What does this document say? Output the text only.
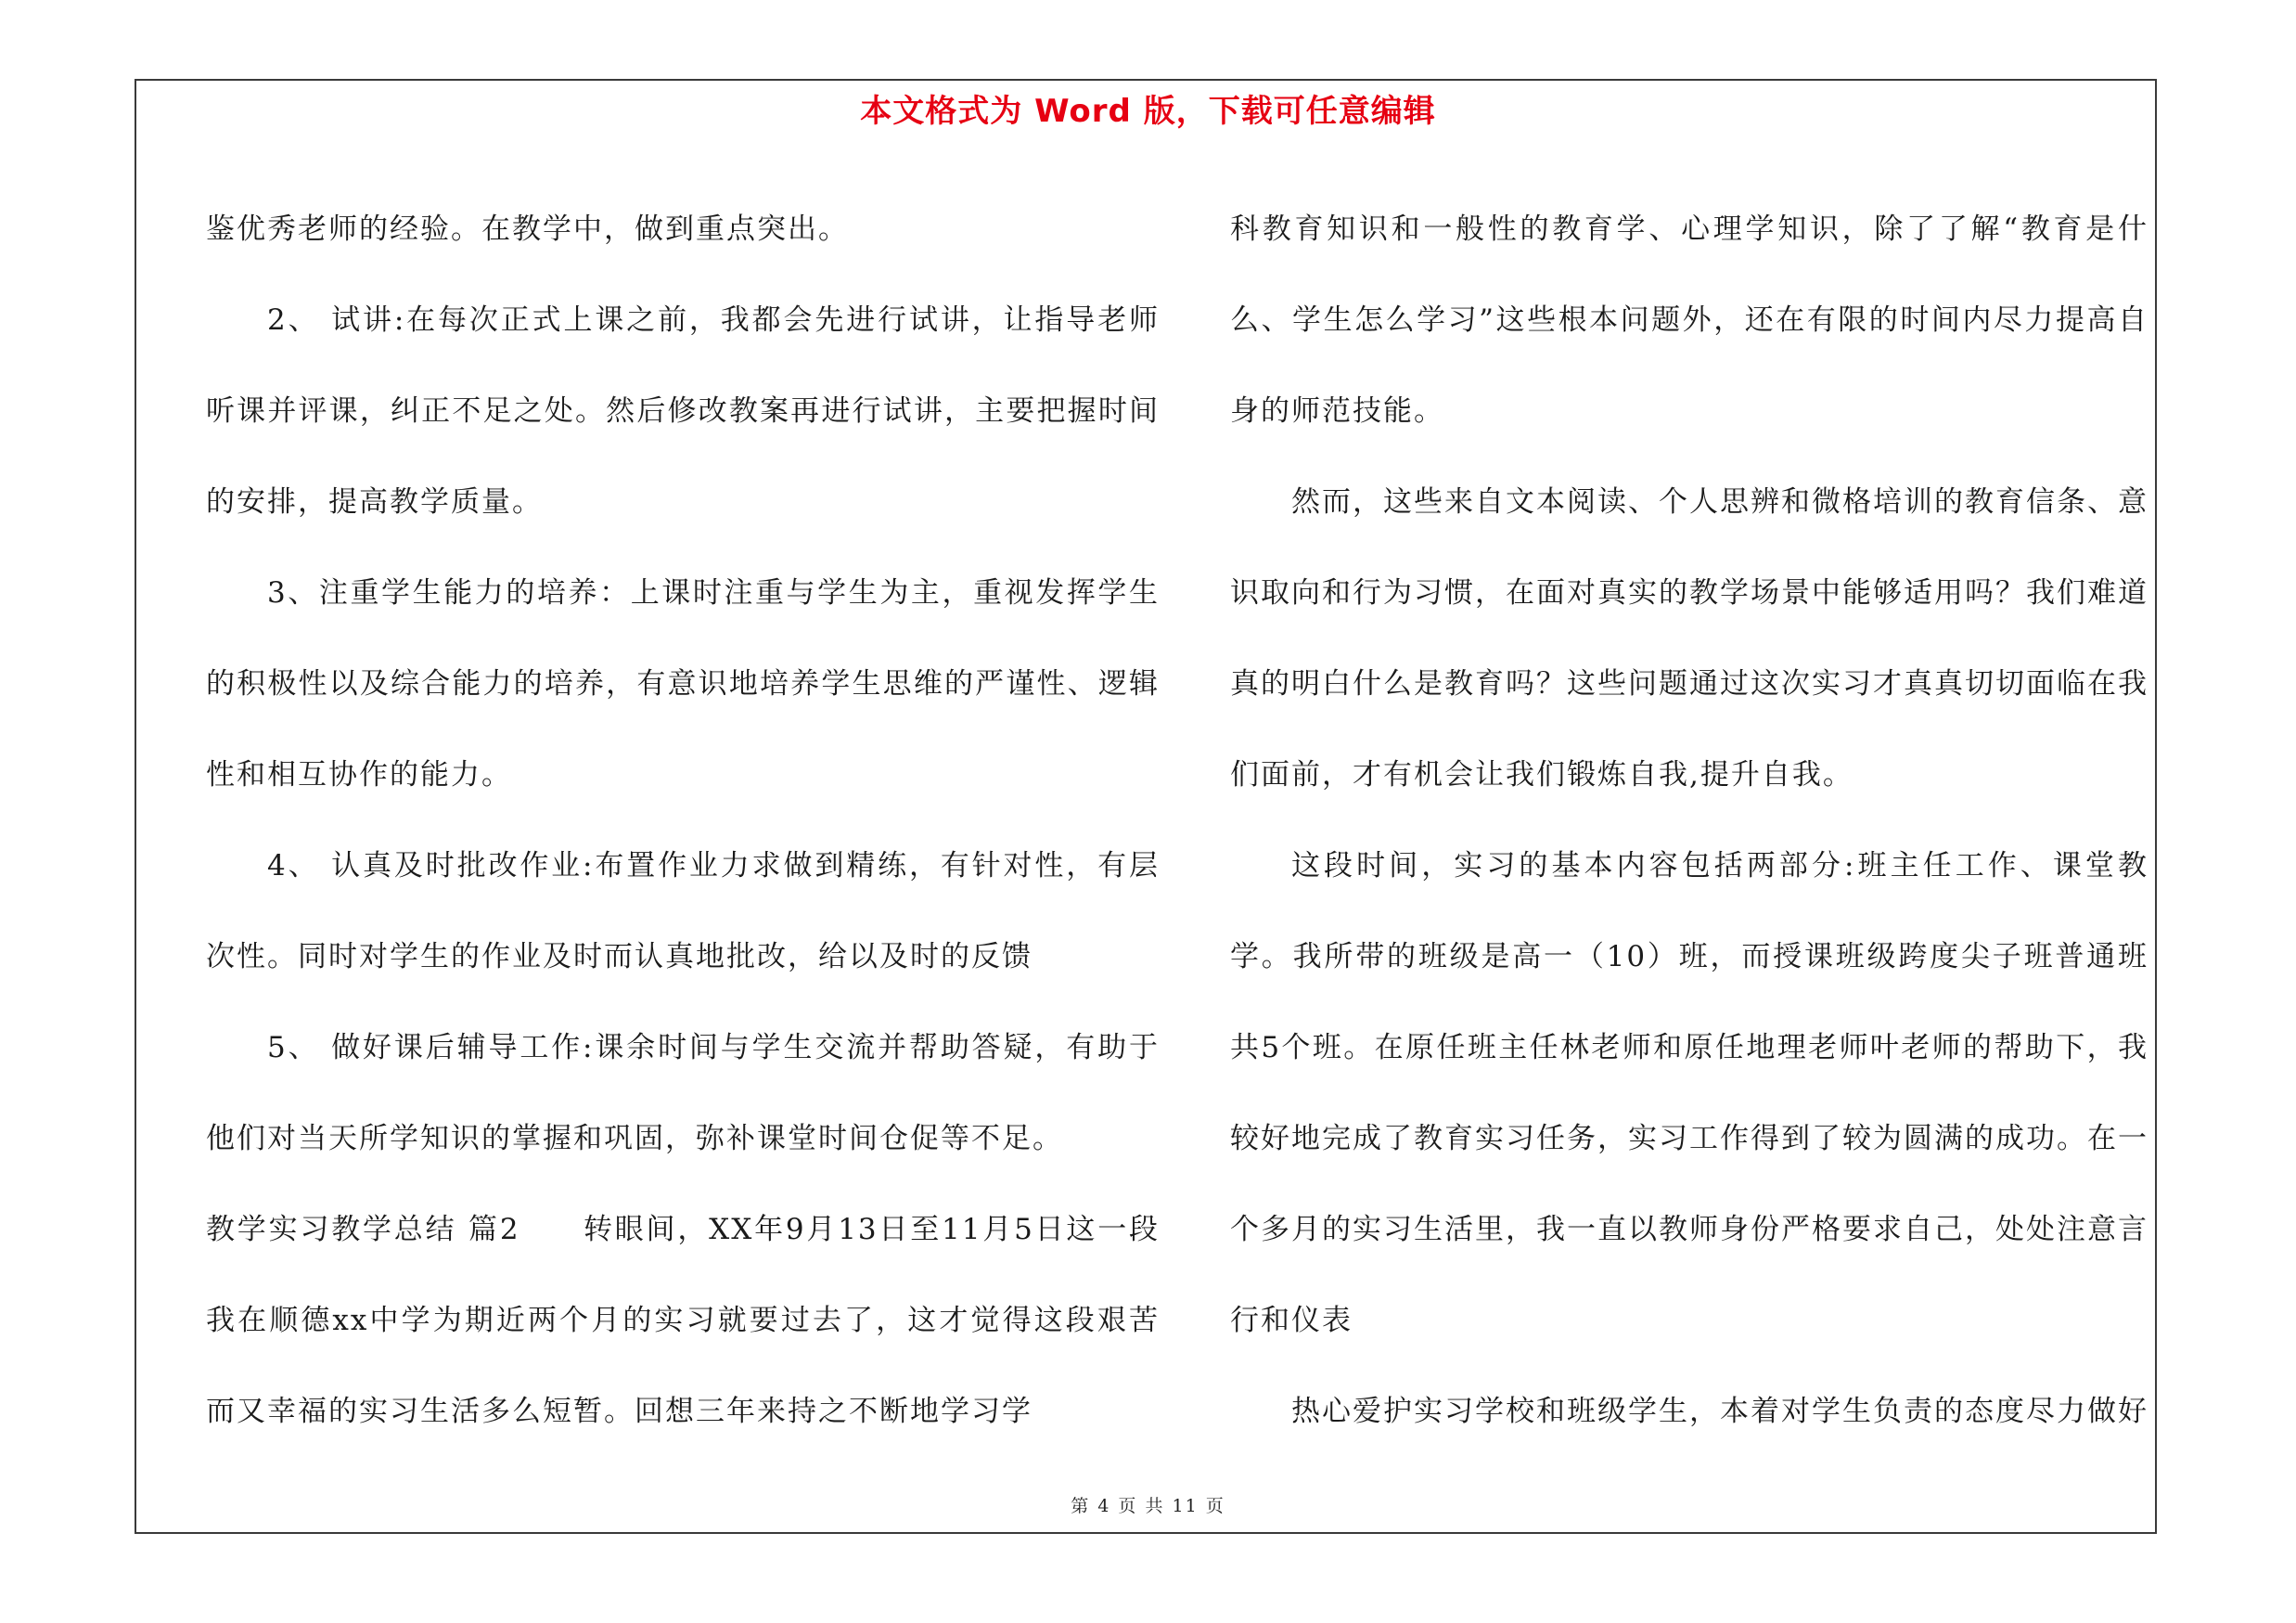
本文格式为 Word 版，下载可任意编辑

鉴优秀老师的经验。在教学中，做到重点突出。

2、 试讲:在每次正式上课之前，我都会先进行试讲，让指导老师听课并评课，纠正不足之处。然后修改教案再进行试讲，主要把握时间的安排，提高教学质量。

3、注重学生能力的培养：上课时注重与学生为主，重视发挥学生的积极性以及综合能力的培养，有意识地培养学生思维的严谨性、逻辑性和相互协作的能力。

4、 认真及时批改作业:布置作业力求做到精练，有针对性，有层次性。同时对学生的作业及时而认真地批改，给以及时的反馈

5、 做好课后辅导工作:课余时间与学生交流并帮助答疑，有助于他们对当天所学知识的掌握和巩固，弥补课堂时间仓促等不足。

教学实习教学总结 篇2　　转眼间，XX年9月13日至11月5日这一段我在顺德xx中学为期近两个月的实习就要过去了，这才觉得这段艰苦而又幸福的实习生活多么短暂。回想三年来持之不断地学习学

科教育知识和一般性的教育学、心理学知识，除了了解“教育是什么、学生怎么学习”这些根本问题外，还在有限的时间内尽力提高自身的师范技能。

然而，这些来自文本阅读、个人思辨和微格培训的教育信条、意识取向和行为习惯，在面对真实的教学场景中能够适用吗？我们难道真的明白什么是教育吗？这些问题通过这次实习才真真切切面临在我们面前，才有机会让我们锻炼自我,提升自我。

这段时间，实习的基本内容包括两部分:班主任工作、课堂教学。我所带的班级是高一（10）班，而授课班级跨度尖子班普通班共5个班。在原任班主任林老师和原任地理老师叶老师的帮助下，我较好地完成了教育实习任务，实习工作得到了较为圆满的成功。在一个多月的实习生活里，我一直以教师身份严格要求自己，处处注意言行和仪表

热心爱护实习学校和班级学生，本着对学生负责的态度尽力做好

第 4 页 共 11 页
